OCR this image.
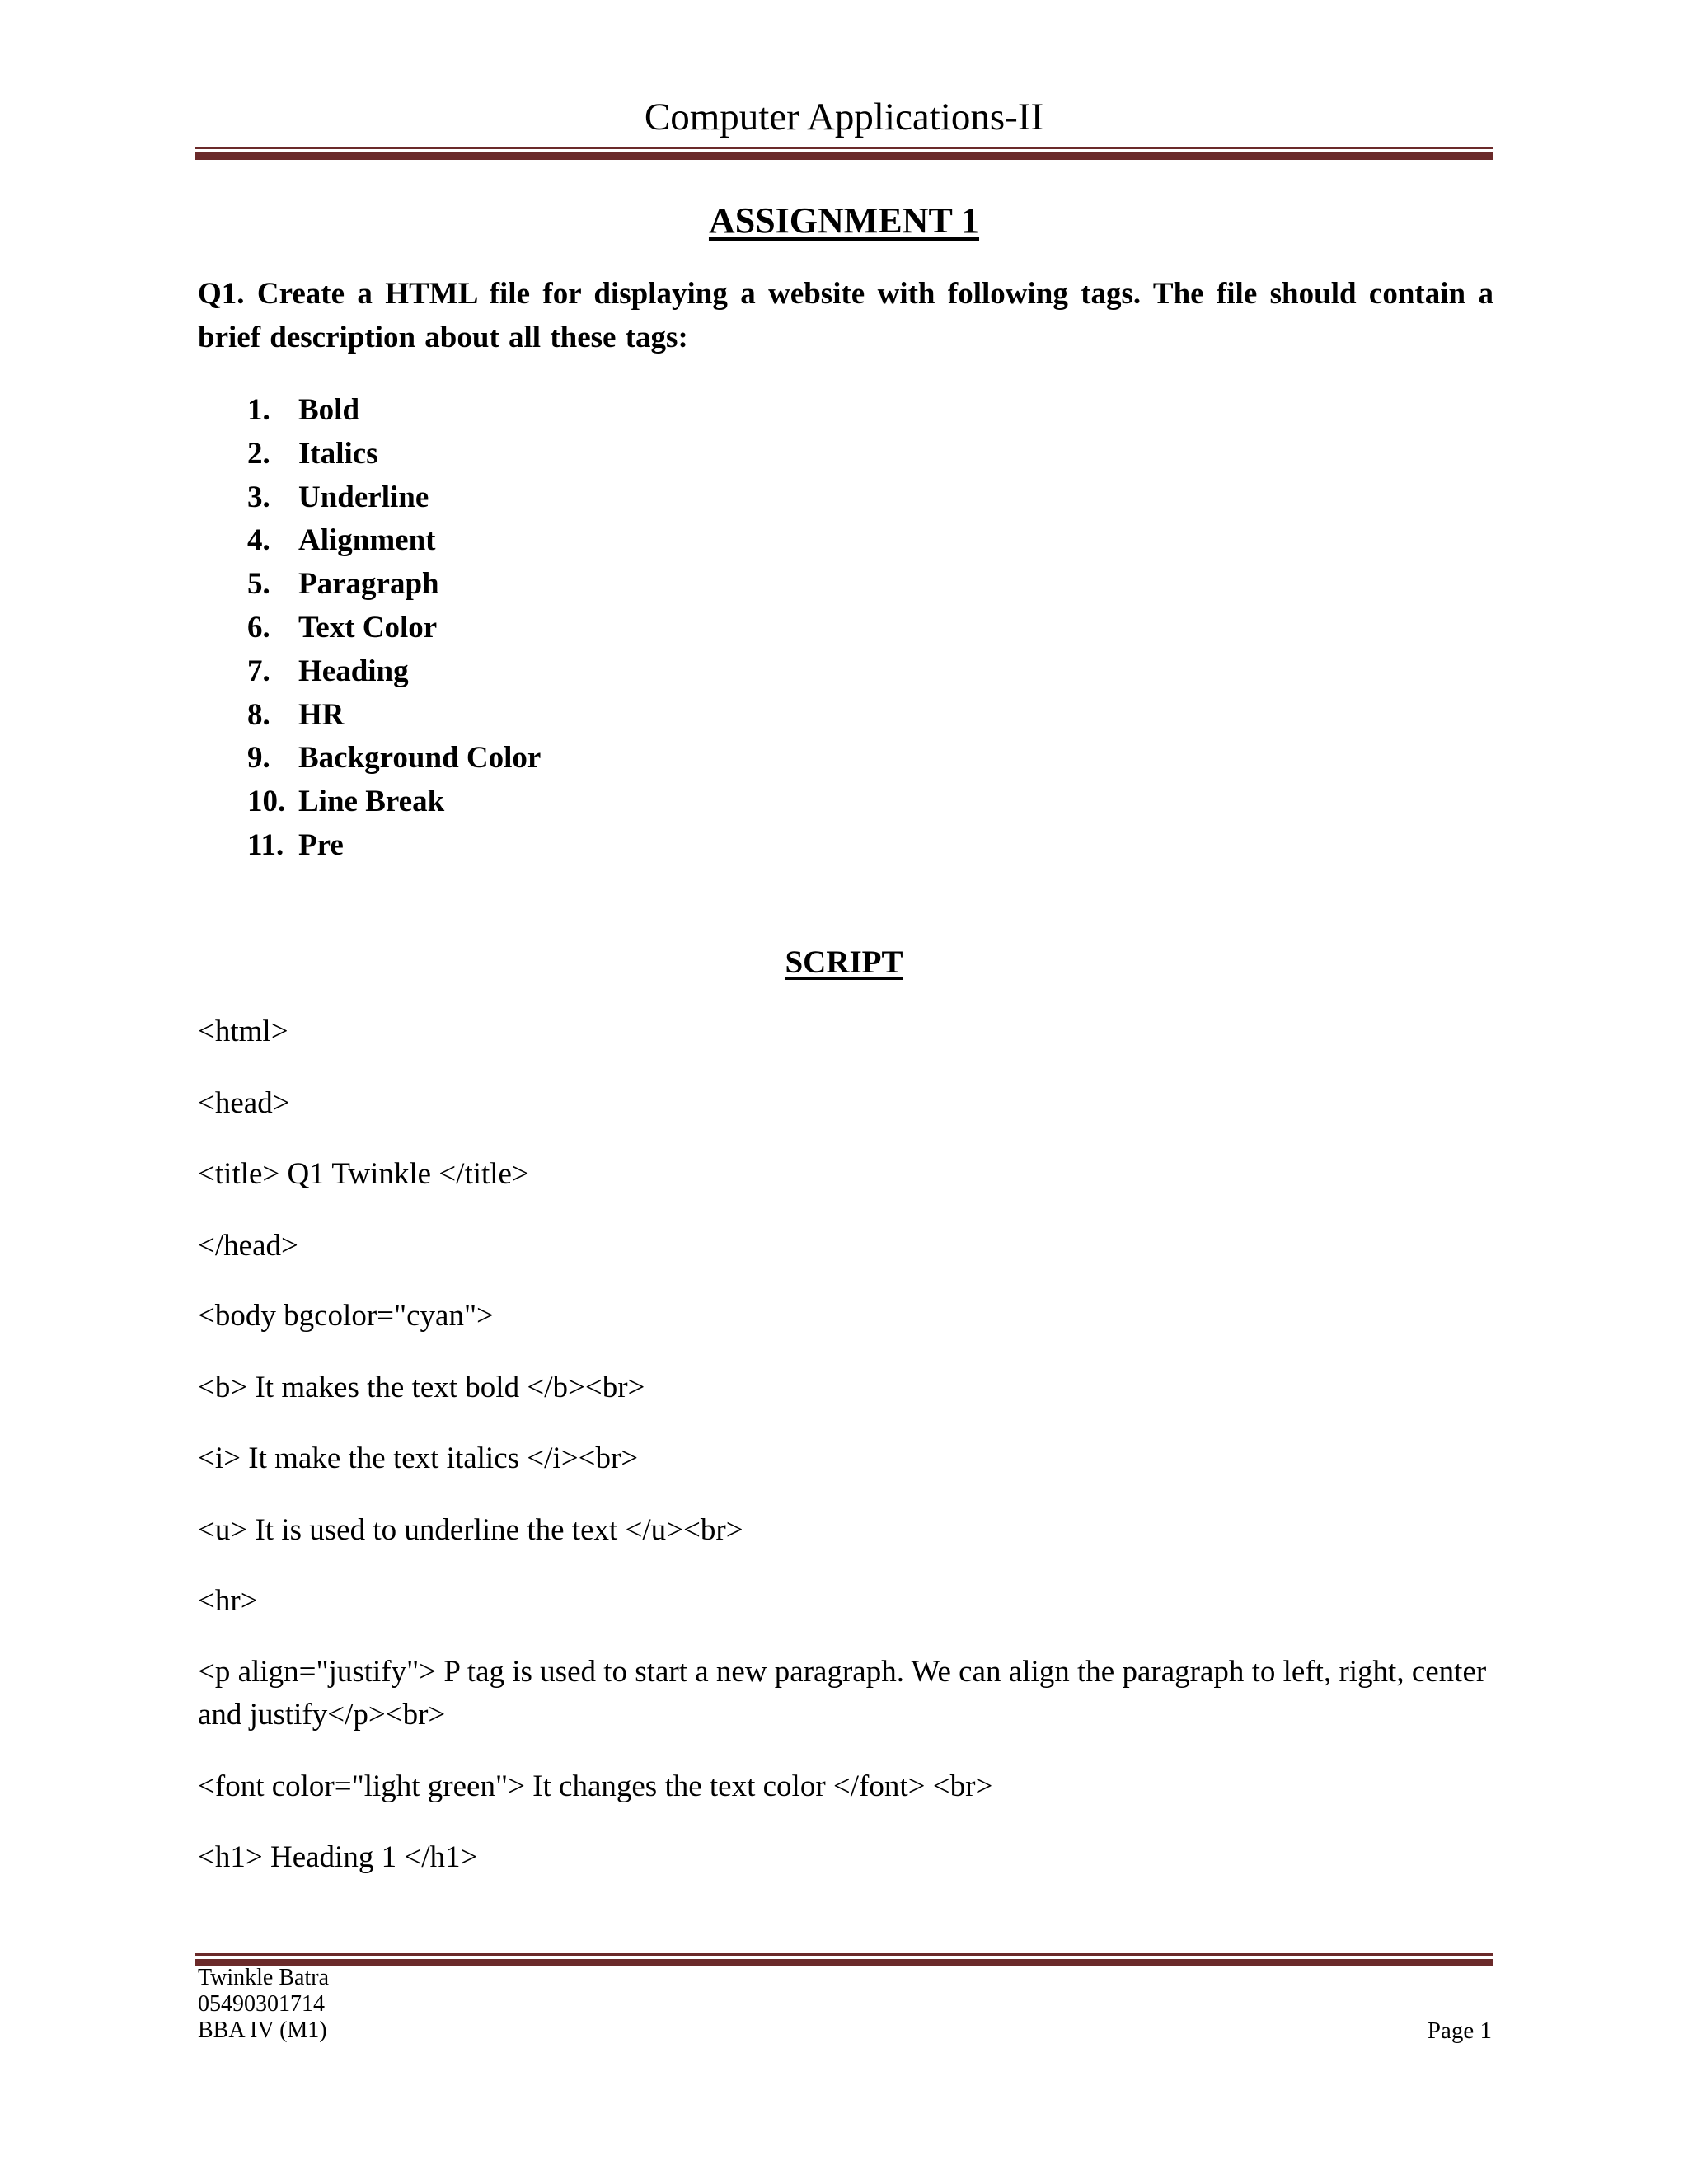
Computer Applications-II
ASSIGNMENT 1
Q1. Create a HTML file for displaying a website with following tags. The file should contain a brief description about all these tags:
1. Bold
2. Italics
3. Underline
4. Alignment
5. Paragraph
6. Text Color
7. Heading
8. HR
9. Background Color
10. Line Break
11. Pre
SCRIPT
<html>
<head>
<title> Q1 Twinkle </title>
</head>
<body bgcolor="cyan">
<b> It makes the text bold </b><br>
<i> It make the text italics </i><br>
<u> It is used to underline the text </u><br>
<hr>
<p align="justify"> P tag is used to start a new paragraph. We can align the paragraph to left, right, center and justify</p><br>
<font color="light green"> It changes the text color </font> <br>
<h1> Heading 1 </h1>
Twinkle Batra
05490301714
BBA IV (M1)	Page 1
